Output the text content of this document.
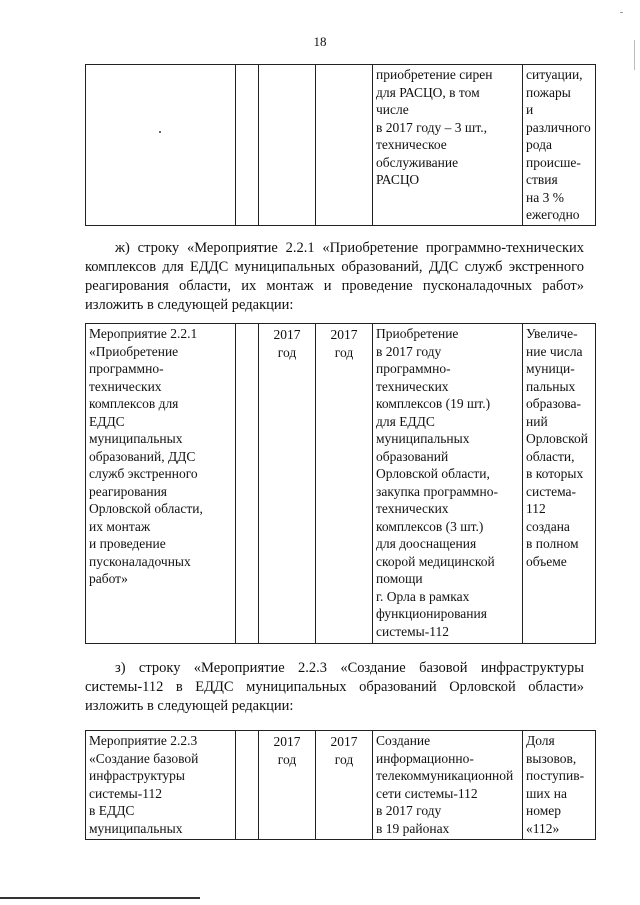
18
				приобретение сирен
для РАСЦО, в том
числе
в 2017 году – 3 шт.,
техническое
обслуживание
РАСЦО	ситуации,
пожары
и
различного
рода
происше-
ствия
на 3 %
ежегодно
ж) строку «Мероприятие 2.2.1 «Приобретение программно-технических комплексов для ЕДДС муниципальных образований, ДДС служб экстренного реагирования области, их монтаж и проведение пусконаладочных работ» изложить в следующей редакции:
Мероприятие 2.2.1
«Приобретение
программно-
технических
комплексов для
ЕДДС
муниципальных
образований, ДДС
служб экстренного
реагирования
Орловской области,
их монтаж
и проведение
пусконаладочных
работ»		2017
год	2017
год	Приобретение
в 2017 году
программно-
технических
комплексов (19 шт.)
для ЕДДС
муниципальных
образований
Орловской области,
закупка программно-
технических
комплексов (3 шт.)
для дооснащения
скорой медицинской
помощи
г. Орла в рамках
функционирования
системы-112	Увеличе-
ние числа
муници-
пальных
образова-
ний
Орловской
области,
в которых
система-
112
создана
в полном
объеме
з) строку «Мероприятие 2.2.3 «Создание базовой инфраструктуры системы-112 в ЕДДС муниципальных образований Орловской области» изложить в следующей редакции:
Мероприятие 2.2.3
«Создание базовой
инфраструктуры
системы-112
в ЕДДС
муниципальных		2017
год	2017
год	Создание
информационно-
телекоммуникационной
сети системы-112
в 2017 году
в 19 районах	Доля
вызовов,
поступив-
ших на
номер
«112»
